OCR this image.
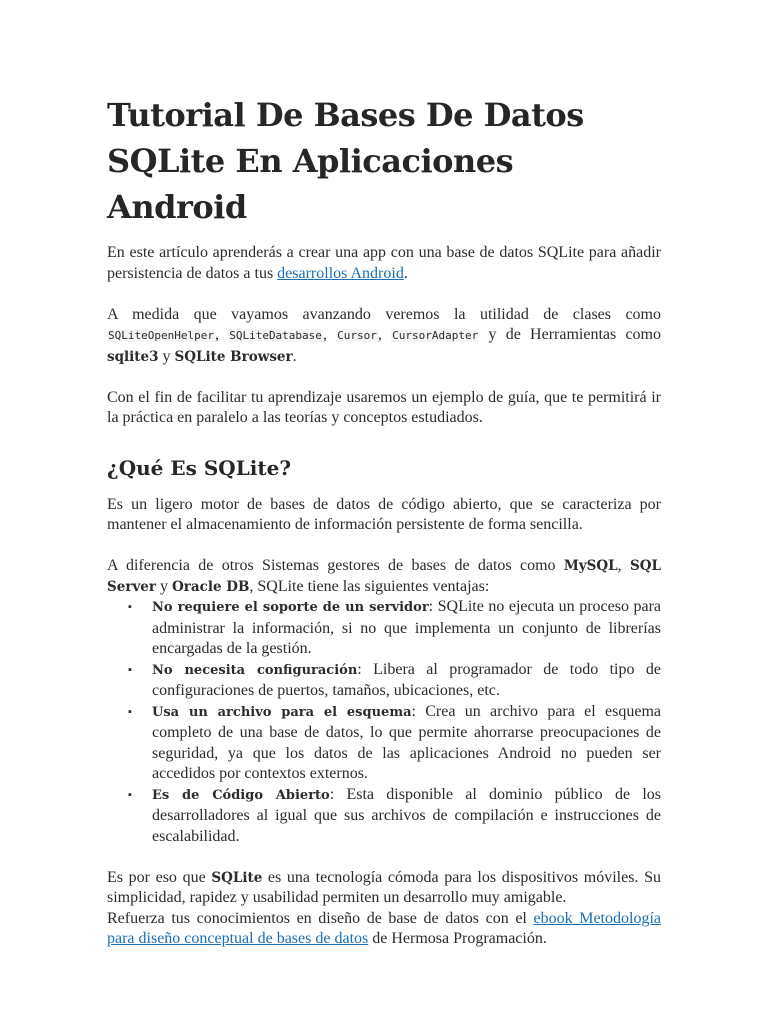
Tutorial De Bases De Datos SQLite En Aplicaciones Android

En este artículo aprenderás a crear una app con una base de datos SQLite para añadir persistencia de datos a tus desarrollos Android.

A medida que vayamos avanzando veremos la utilidad de clases como SQLiteOpenHelper, SQLiteDatabase, Cursor, CursorAdapter y de Herramientas como sqlite3 y SQLite Browser.

Con el fin de facilitar tu aprendizaje usaremos un ejemplo de guía, que te permitirá ir la práctica en paralelo a las teorías y conceptos estudiados.

¿Qué Es SQLite?

Es un ligero motor de bases de datos de código abierto, que se caracteriza por mantener el almacenamiento de información persistente de forma sencilla.

A diferencia de otros Sistemas gestores de bases de datos como MySQL, SQL Server y Oracle DB, SQLite tiene las siguientes ventajas:

▪ No requiere el soporte de un servidor: SQLite no ejecuta un proceso para administrar la información, si no que implementa un conjunto de librerías encargadas de la gestión.
▪ No necesita configuración: Libera al programador de todo tipo de configuraciones de puertos, tamaños, ubicaciones, etc.
▪ Usa un archivo para el esquema: Crea un archivo para el esquema completo de una base de datos, lo que permite ahorrarse preocupaciones de seguridad, ya que los datos de las aplicaciones Android no pueden ser accedidos por contextos externos.
▪ Es de Código Abierto: Esta disponible al dominio público de los desarrolladores al igual que sus archivos de compilación e instrucciones de escalabilidad.

Es por eso que SQLite es una tecnología cómoda para los dispositivos móviles. Su simplicidad, rapidez y usabilidad permiten un desarrollo muy amigable.

Refuerza tus conocimientos en diseño de base de datos con el ebook Metodología para diseño conceptual de bases de datos de Hermosa Programación.
